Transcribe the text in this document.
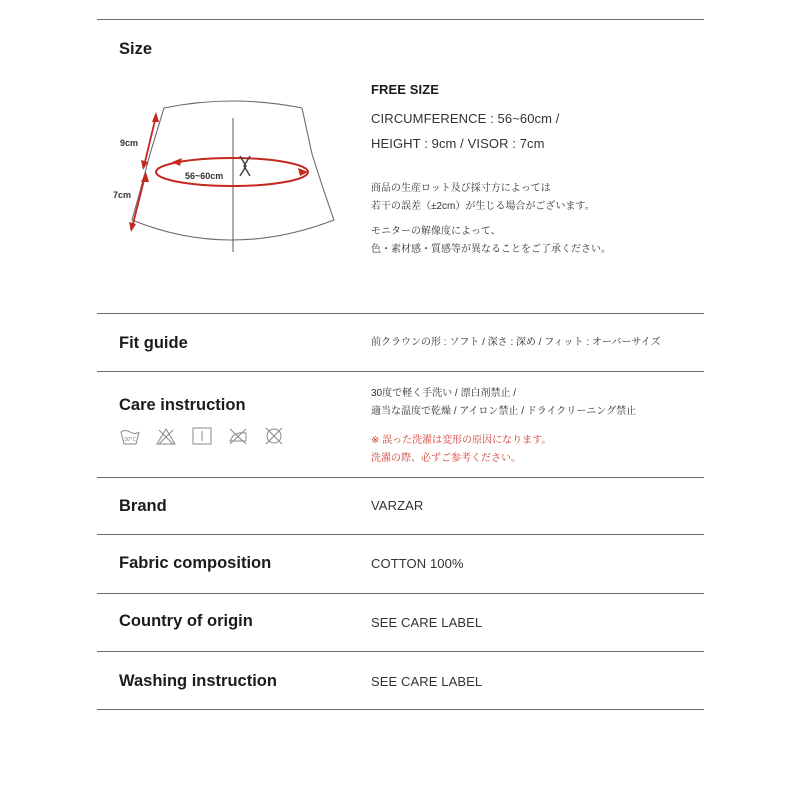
Size
9cm
7cm
56~60cm
FREE SIZE
CIRCUMFERENCE : 56~60cm /
HEIGHT : 9cm / VISOR : 7cm
商品の生産ロット及び採寸方によっては
若干の誤差（±2cm）が生じる場合がございます。
モニターの解像度によって、
色・素材感・質感等が異なることをご了承ください。
Fit guide	前クラウンの形 : ソフト / 深さ : 深め / フィット : オーバーサイズ
Care instruction
30°C
30度で軽く手洗い / 漂白剤禁止 /
適当な温度で乾燥 / アイロン禁止 / ドライクリーニング禁止
※ 誤った洗濯は変形の原因になります。
洗濯の際、必ずご参考ください。
Brand	VARZAR
Fabric composition	COTTON 100%
Country of origin	SEE CARE LABEL
Washing instruction	SEE CARE LABEL
